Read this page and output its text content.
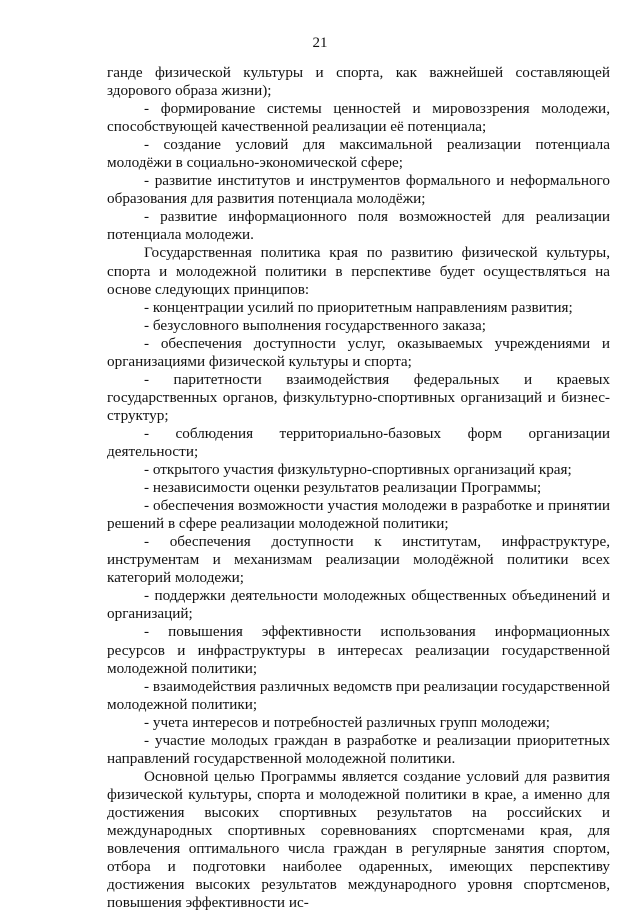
21

ганде физической культуры и спорта, как важнейшей составляющей здорового образа жизни);

- формирование системы ценностей и мировоззрения молодежи, способствующей качественной реализации её потенциала;

- создание условий для максимальной реализации потенциала молодёжи в социально-экономической сфере;

- развитие институтов и инструментов формального и неформального образования для развития потенциала молодёжи;

- развитие информационного поля возможностей для реализации потенциала молодежи.

Государственная политика края по развитию физической культуры, спорта и молодежной политики в перспективе будет осуществляться на основе следующих принципов:

- концентрации усилий по приоритетным направлениям развития;

- безусловного выполнения государственного заказа;

- обеспечения доступности услуг, оказываемых учреждениями и организациями физической культуры и спорта;

- паритетности взаимодействия федеральных и краевых государственных органов, физкультурно-спортивных организаций и бизнес-структур;

- соблюдения территориально-базовых форм организации деятельности;

- открытого участия физкультурно-спортивных организаций края;

- независимости оценки результатов реализации Программы;

- обеспечения возможности участия молодежи в разработке и принятии решений в сфере реализации молодежной политики;

- обеспечения доступности к институтам, инфраструктуре, инструментам и механизмам реализации молодёжной политики всех категорий молодежи;

- поддержки деятельности молодежных общественных объединений и организаций;

- повышения эффективности использования информационных ресурсов и инфраструктуры в интересах реализации государственной молодежной политики;

- взаимодействия различных ведомств при реализации государственной молодежной политики;

- учета интересов и потребностей различных групп молодежи;

- участие молодых граждан в разработке и реализации приоритетных направлений государственной молодежной политики.

Основной целью Программы является создание условий для развития физической культуры, спорта и молодежной политики в крае, а именно для достижения высоких спортивных результатов на российских и международных спортивных соревнованиях спортсменами края, для вовлечения оптимального числа граждан в регулярные занятия спортом, отбора и подготовки наиболее одаренных, имеющих перспективу достижения высоких результатов международного уровня спортсменов, повышения эффективности ис-
